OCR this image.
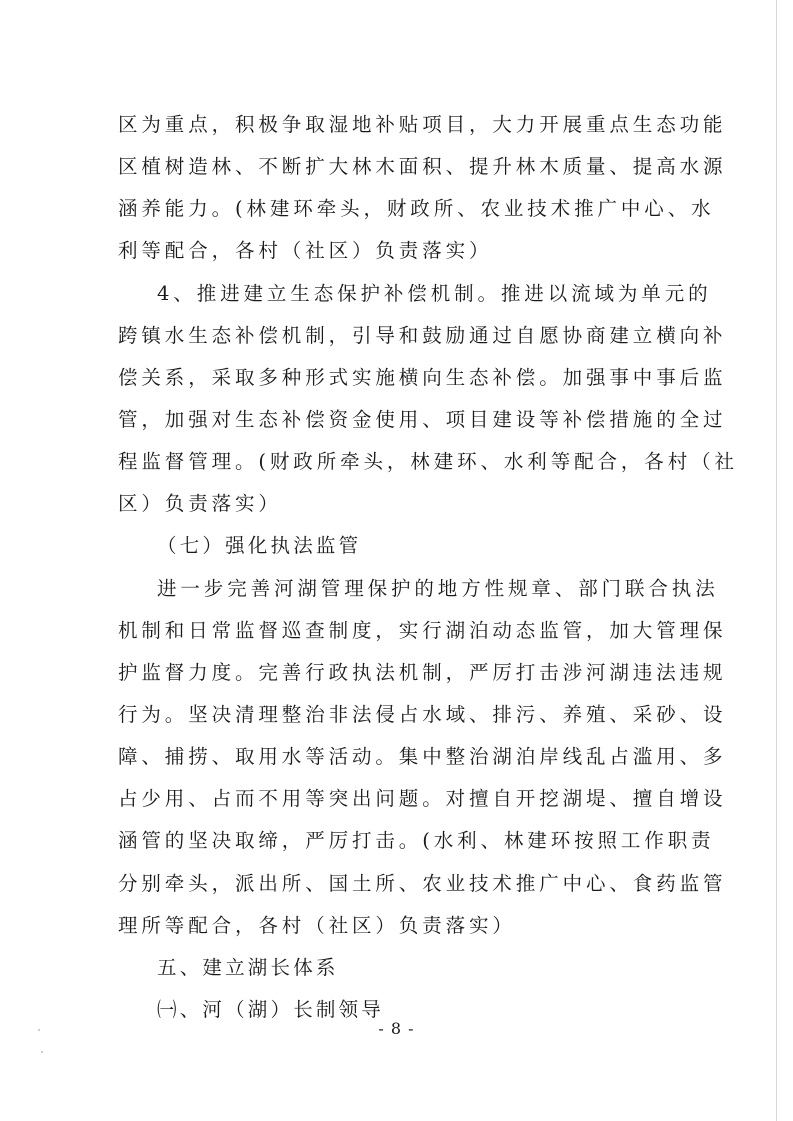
区为重点，积极争取湿地补贴项目，大力开展重点生态功能
区植树造林、不断扩大林木面积、提升林木质量、提高水源
涵养能力。(林建环牵头，财政所、农业技术推广中心、水
利等配合，各村（社区）负责落实）
4、推进建立生态保护补偿机制。推进以流域为单元的
跨镇水生态补偿机制，引导和鼓励通过自愿协商建立横向补
偿关系，采取多种形式实施横向生态补偿。加强事中事后监
管，加强对生态补偿资金使用、项目建设等补偿措施的全过
程监督管理。(财政所牵头，林建环、水利等配合，各村（社
区）负责落实）
（七）强化执法监管
进一步完善河湖管理保护的地方性规章、部门联合执法
机制和日常监督巡查制度，实行湖泊动态监管，加大管理保
护监督力度。完善行政执法机制，严厉打击涉河湖违法违规
行为。坚决清理整治非法侵占水域、排污、养殖、采砂、设
障、捕捞、取用水等活动。集中整治湖泊岸线乱占滥用、多
占少用、占而不用等突出问题。对擅自开挖湖堤、擅自增设
涵管的坚决取缔，严厉打击。(水利、林建环按照工作职责
分别牵头，派出所、国土所、农业技术推广中心、食药监管
理所等配合，各村（社区）负责落实）
五、建立湖长体系
㈠、河（湖）长制领导
- 8 -
